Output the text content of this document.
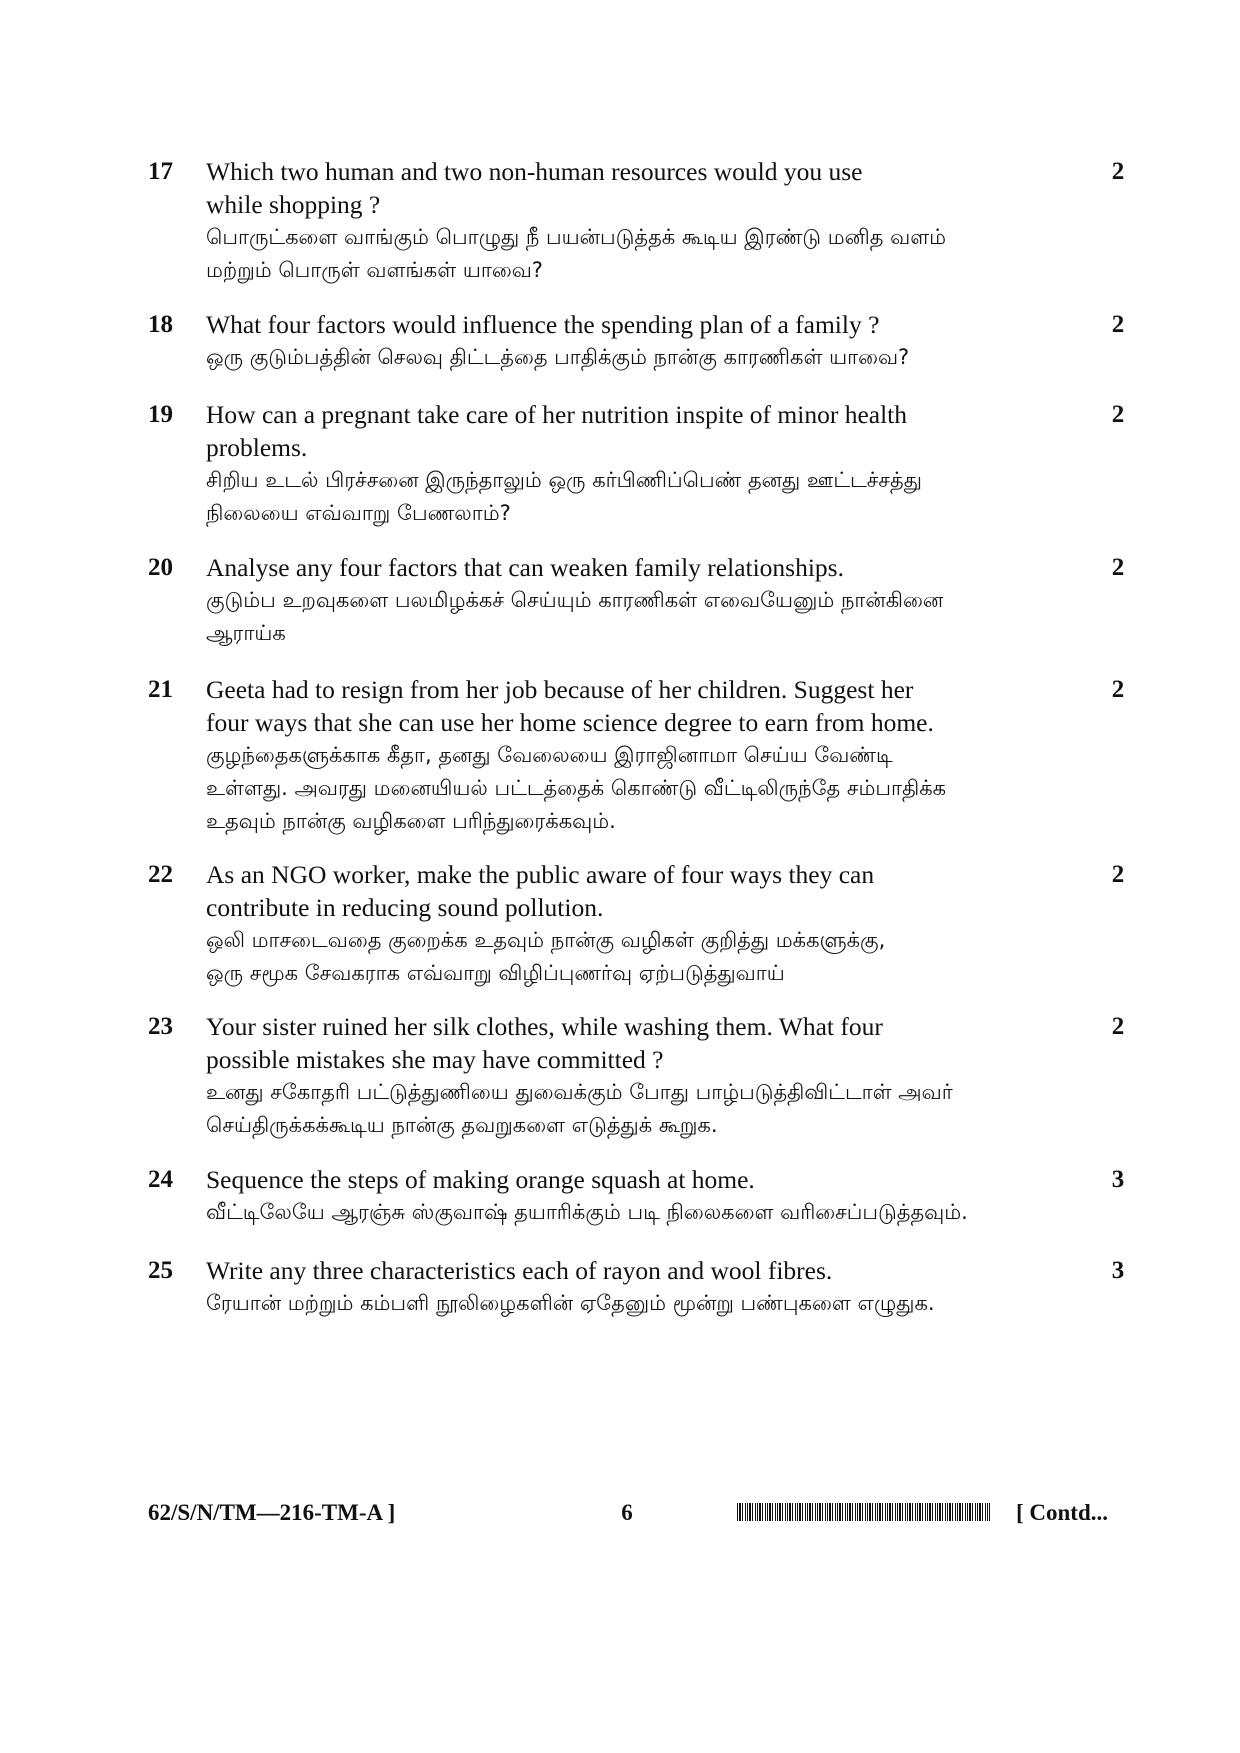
17	Which two human and two non-human resources would you use

while shopping ?

பொருட்களை வாங்கும் பொழுது நீ பயன்படுத்தக் கூடிய இரண்டு மனித வளம்

மற்றும் பொருள் வளங்கள் யாவை?

2
18	What four factors would influence the spending plan of a family ?

ஒரு குடும்பத்தின் செலவு திட்டத்தை பாதிக்கும் நான்கு காரணிகள் யாவை?

2
19	How can a pregnant take care of her nutrition inspite of minor health

problems.

சிறிய உடல் பிரச்சனை இருந்தாலும் ஒரு கர்பிணிப்பெண் தனது ஊட்டச்சத்து

நிலையை எவ்வாறு பேணலாம்?

2
20	Analyse any four factors that can weaken family relationships.

குடும்ப உறவுகளை பலமிழக்கச் செய்யும் காரணிகள் எவையேனும் நான்கினை

ஆராய்க

2
21	Geeta had to resign from her job because of her children. Suggest her

four ways that she can use her home science degree to earn from home.

குழந்தைகளுக்காக கீதா, தனது வேலையை இராஜினாமா செய்ய வேண்டி

உள்ளது. அவரது மனையியல் பட்டத்தைக் கொண்டு வீட்டிலிருந்தே சம்பாதிக்க

உதவும் நான்கு வழிகளை பரிந்துரைக்கவும்.

2
22	As an NGO worker, make the public aware of four ways they can

contribute in reducing sound pollution.

ஒலி மாசடைவதை குறைக்க உதவும் நான்கு வழிகள் குறித்து மக்களுக்கு,

ஒரு சமூக சேவகராக எவ்வாறு விழிப்புணர்வு ஏற்படுத்துவாய்

2
23	Your sister ruined her silk clothes, while washing them. What four

possible mistakes she may have committed ?

உனது சகோதரி பட்டுத்துணியை துவைக்கும் போது பாழ்படுத்திவிட்டாள் அவர்

செய்திருக்கக்கூடிய நான்கு தவறுகளை எடுத்துக் கூறுக.

2
24	Sequence the steps of making orange squash at home.

வீட்டிலேயே ஆரஞ்சு ஸ்குவாஷ் தயாரிக்கும் படி நிலைகளை வரிசைப்படுத்தவும்.

3
25	Write any three characteristics each of rayon and wool fibres.

ரேயான் மற்றும் கம்பளி நூலிழைகளின் ஏதேனும் மூன்று பண்புகளை எழுதுக.

3
62/S/N/TM—216-TM-A ]	6	[ Contd...
